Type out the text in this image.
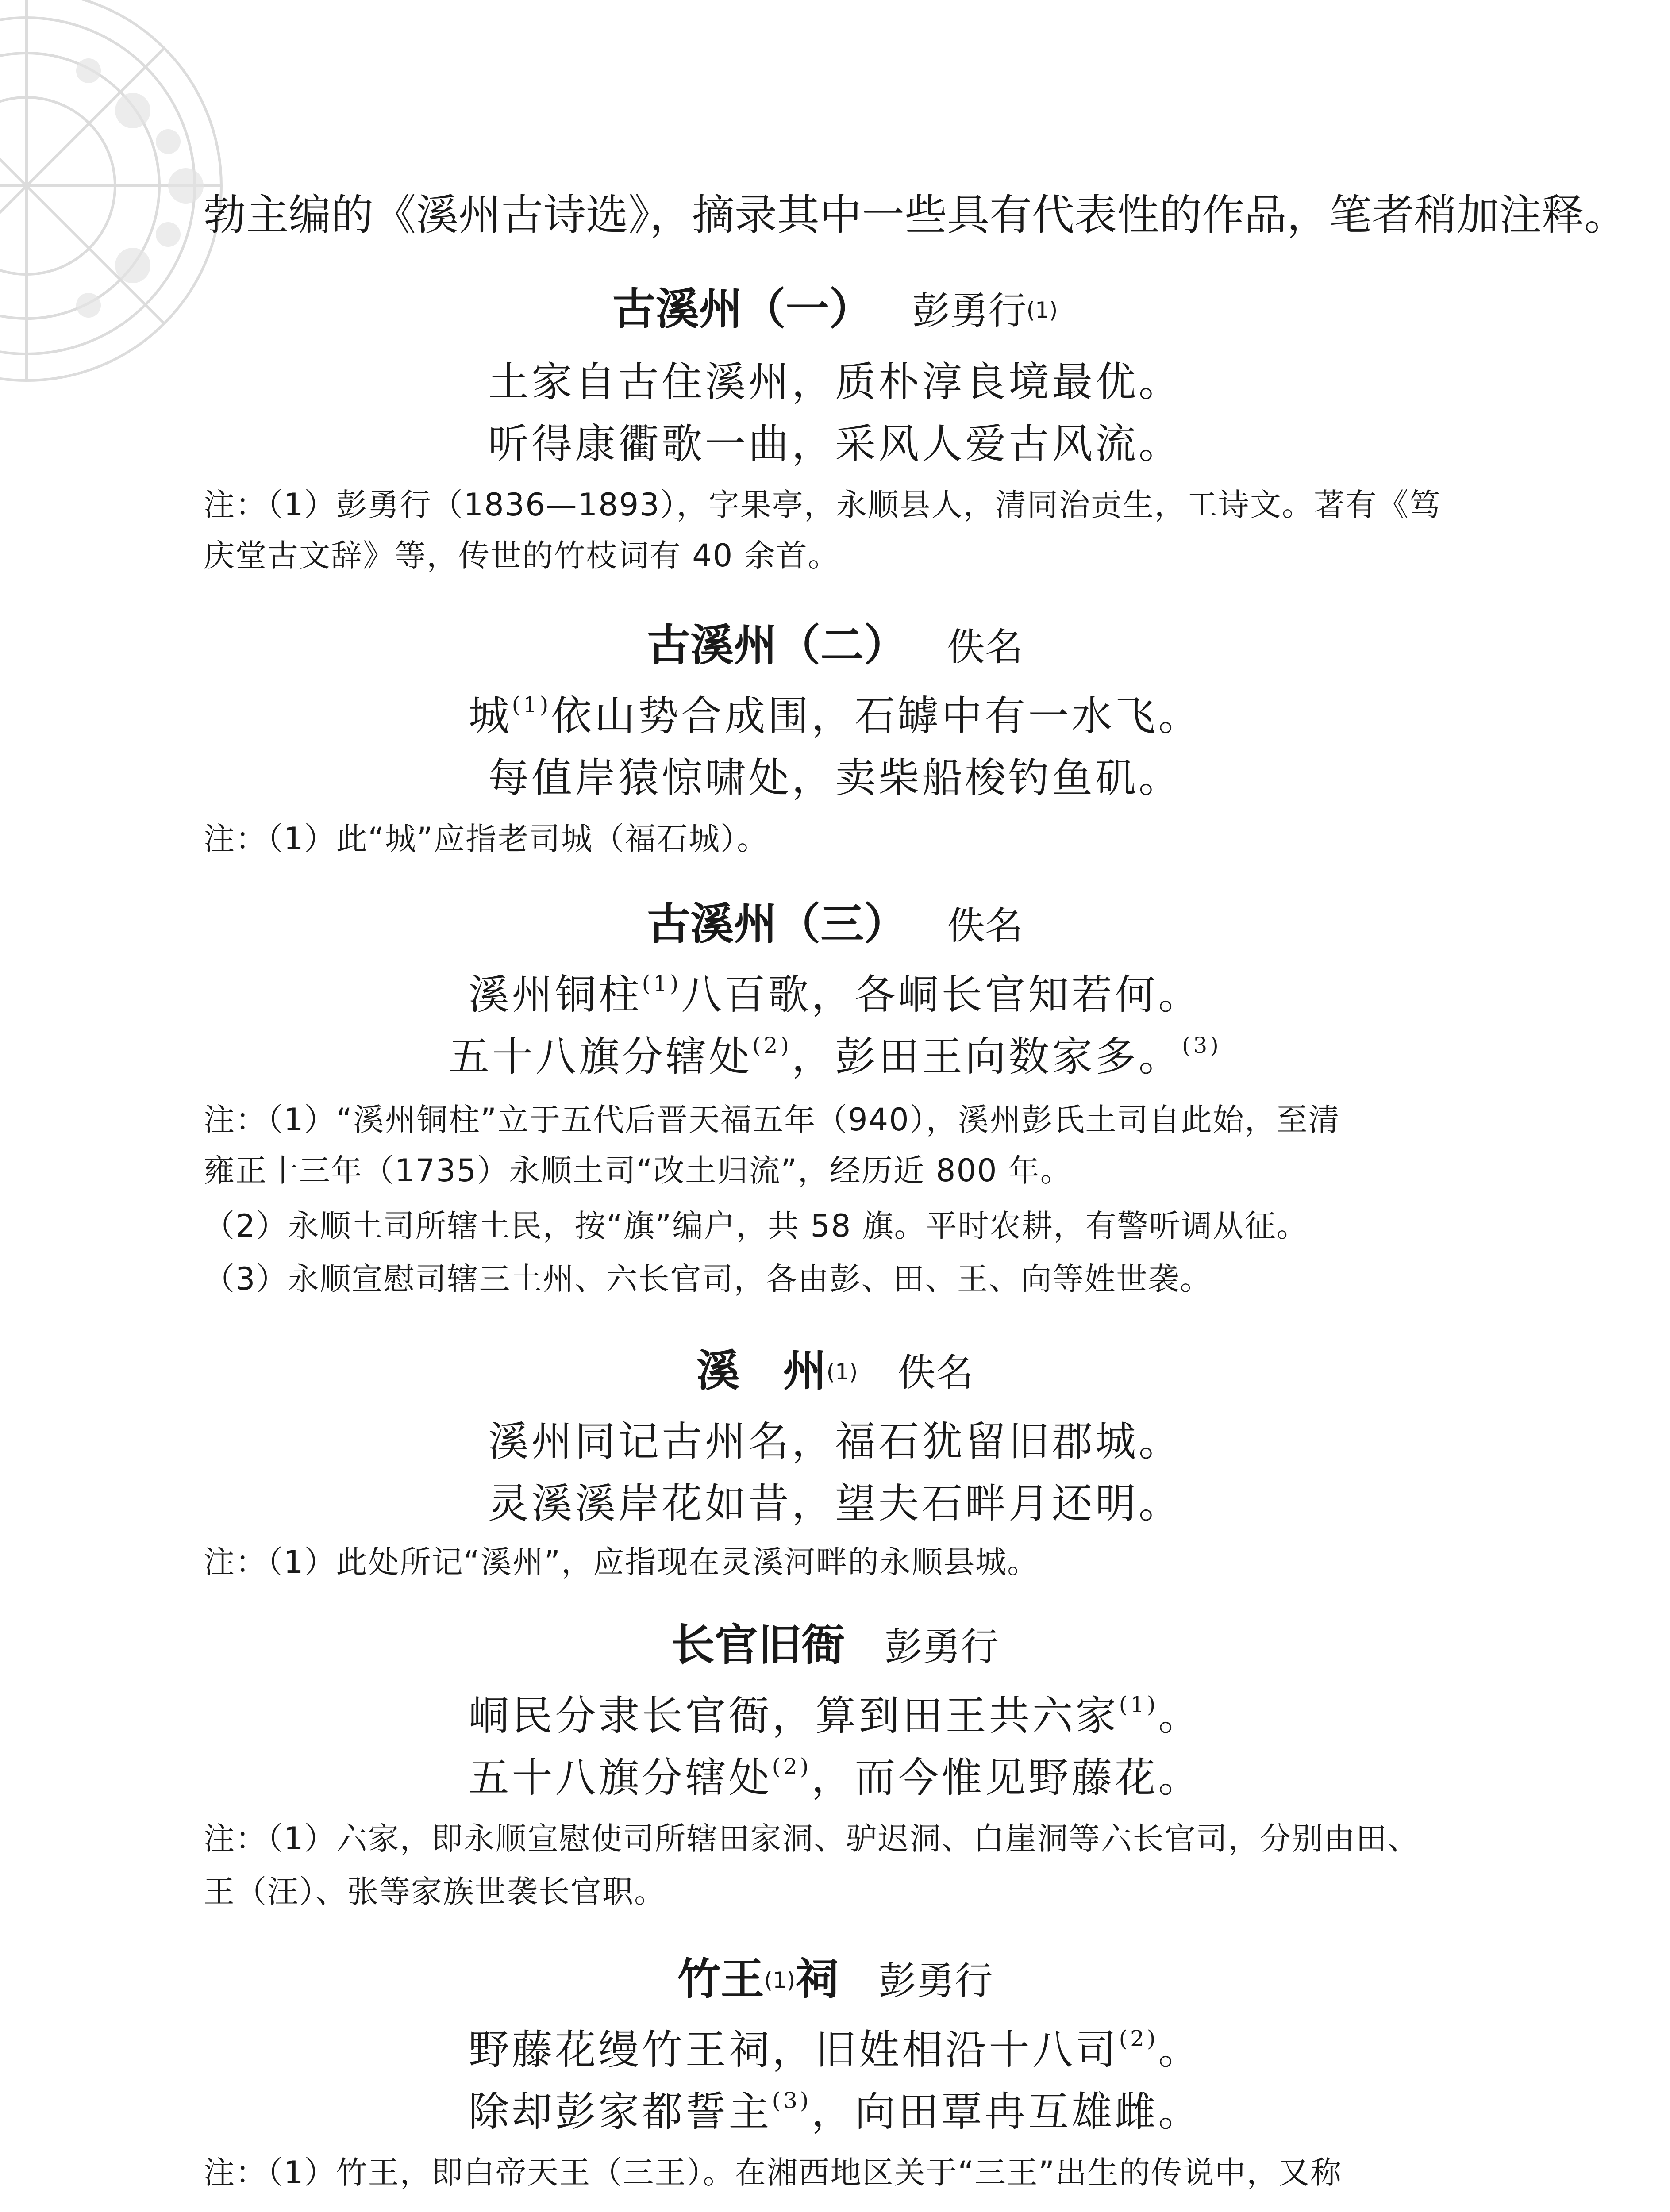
勃主编的《溪州古诗选》，摘录其中一些具有代表性的作品，笔者稍加注释。
古溪州（一） 彭勇行(1)
土家自古住溪州，质朴淳良境最优。
听得康衢歌一曲，采风人爱古风流。
注：（1）彭勇行（1836—1893），字果亭，永顺县人，清同治贡生，工诗文。著有《笃
庆堂古文辞》等，传世的竹枝词有 40 余首。
古溪州（二） 佚名
城$^{(1)}$依山势合成围，石罅中有一水飞。
每值岸猿惊啸处，卖柴船梭钓鱼矶。
注：（1）此“城”应指老司城（福石城）。
古溪州（三） 佚名
溪州铜柱$^{(1)}$八百歌，各峒长官知若何。
五十八旗分辖处$^{(2)}$，彭田王向数家多。$^{(3)}$
注：（1）“溪州铜柱”立于五代后晋天福五年（940），溪州彭氏土司自此始，至清
雍正十三年（1735）永顺土司“改土归流”，经历近 800 年。
（2）永顺土司所辖土民，按“旗”编户，共 58 旗。平时农耕，有警听调从征。
（3）永顺宣慰司辖三土州、六长官司，各由彭、田、王、向等姓世袭。
溪　州(1) 佚名
溪州同记古州名，福石犹留旧郡城。
灵溪溪岸花如昔，望夫石畔月还明。
注：（1）此处所记“溪州”，应指现在灵溪河畔的永顺县城。
长官旧衙 彭勇行
峒民分隶长官衙，算到田王共六家$^{(1)}$。
五十八旗分辖处$^{(2)}$，而今惟见野藤花。
注：（1）六家，即永顺宣慰使司所辖田家洞、驴迟洞、白崖洞等六长官司，分别由田、
王（汪）、张等家族世袭长官职。
竹王(1)祠 彭勇行
野藤花缦竹王祠，旧姓相沿十八司$^{(2)}$。
除却彭家都誓主$^{(3)}$，向田覃冉互雄雌。
注：（1）竹王，即白帝天王（三王）。在湘西地区关于“三王”出生的传说中，又称
